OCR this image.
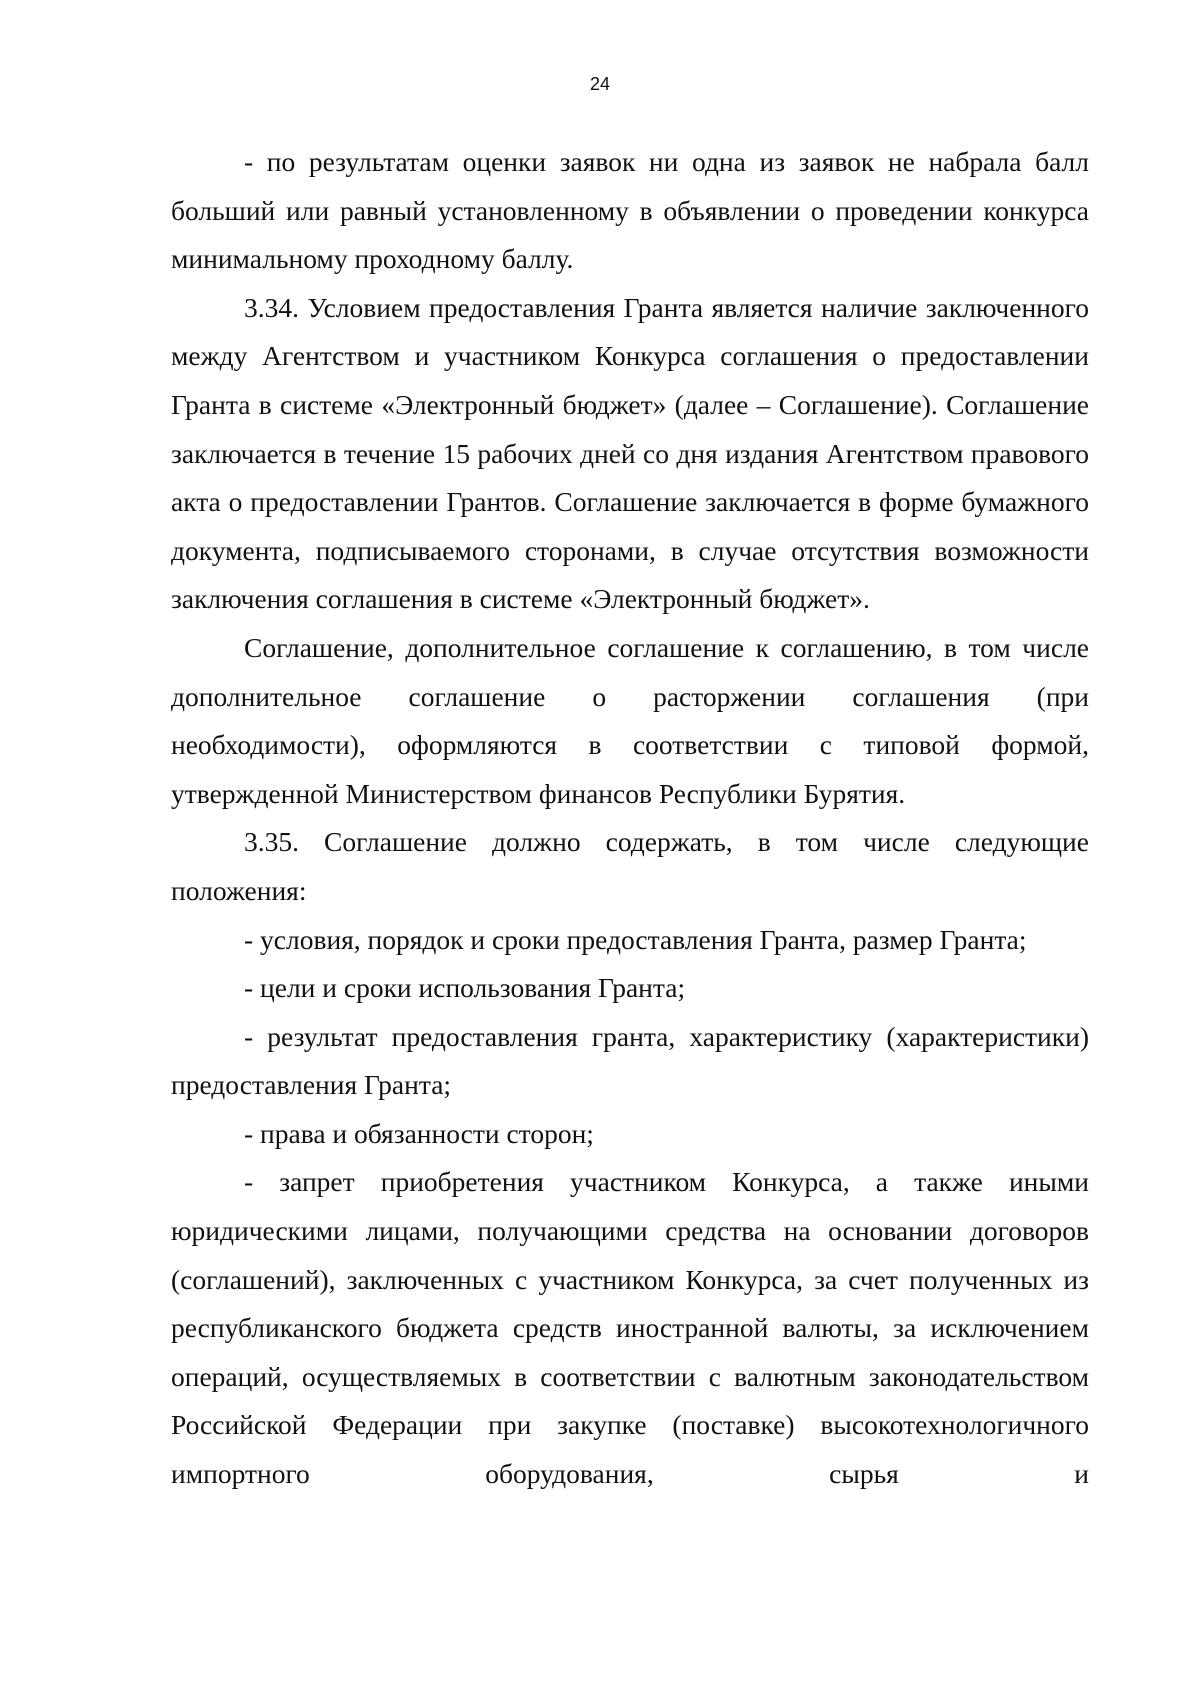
24

- по результатам оценки заявок ни одна из заявок не набрала балл больший или равный установленному в объявлении о проведении конкурса минимальному проходному баллу.

3.34. Условием предоставления Гранта является наличие заключенного между Агентством и участником Конкурса соглашения о предоставлении Гранта в системе «Электронный бюджет» (далее – Соглашение). Соглашение заключается в течение 15 рабочих дней со дня издания Агентством правового акта о предоставлении Грантов. Соглашение заключается в форме бумажного документа, подписываемого сторонами, в случае отсутствия возможности заключения соглашения в системе «Электронный бюджет».

Соглашение, дополнительное соглашение к соглашению, в том числе дополнительное соглашение о расторжении соглашения (при необходимости), оформляются в соответствии с типовой формой, утвержденной Министерством финансов Республики Бурятия.

3.35. Соглашение должно содержать, в том числе следующие положения:

- условия, порядок и сроки предоставления Гранта, размер Гранта;

- цели и сроки использования Гранта;

- результат предоставления гранта, характеристику (характеристики) предоставления Гранта;

- права и обязанности сторон;

- запрет приобретения участником Конкурса, а также иными юридическими лицами, получающими средства на основании договоров (соглашений), заключенных с участником Конкурса, за счет полученных из республиканского бюджета средств иностранной валюты, за исключением операций, осуществляемых в соответствии с валютным законодательством Российской Федерации при закупке (поставке) высокотехнологичного импортного оборудования, сырья и
